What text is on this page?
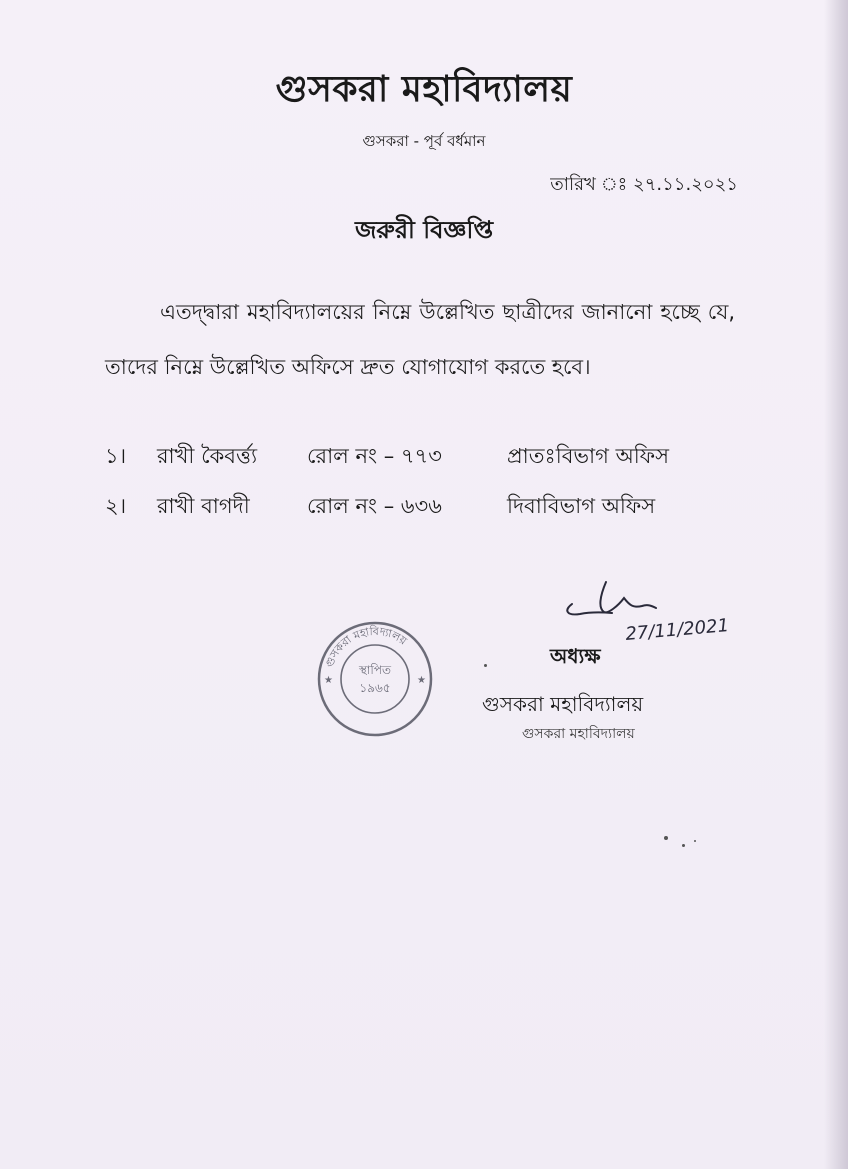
গুসকরা মহাবিদ্যালয়
গুসকরা - পূর্ব বর্ধমান
তারিখ ঃ ২৭.১১.২০২১
জরুরী বিজ্ঞপ্তি
এতদ্দ্বারা মহাবিদ্যালয়ের নিম্নে উল্লেখিত ছাত্রীদের জানানো হচ্ছে যে, তাদের নিম্নে উল্লেখিত অফিসে দ্রুত যোগাযোগ করতে হবে।
১।	রাখী কৈবর্ত্ত্য	রোল নং – ৭৭৩	প্রাতঃবিভাগ অফিস
২।	রাখী বাগদী	রোল নং – ৬৩৬	দিবাবিভাগ অফিস
গুসকরা মহাবিদ্যালয়
স্থাপিত
১৯৬৫
★	★
27/11/2021
অধ্যক্ষ
গুসকরা মহাবিদ্যালয়
গুসকরা মহাবিদ্যালয়
